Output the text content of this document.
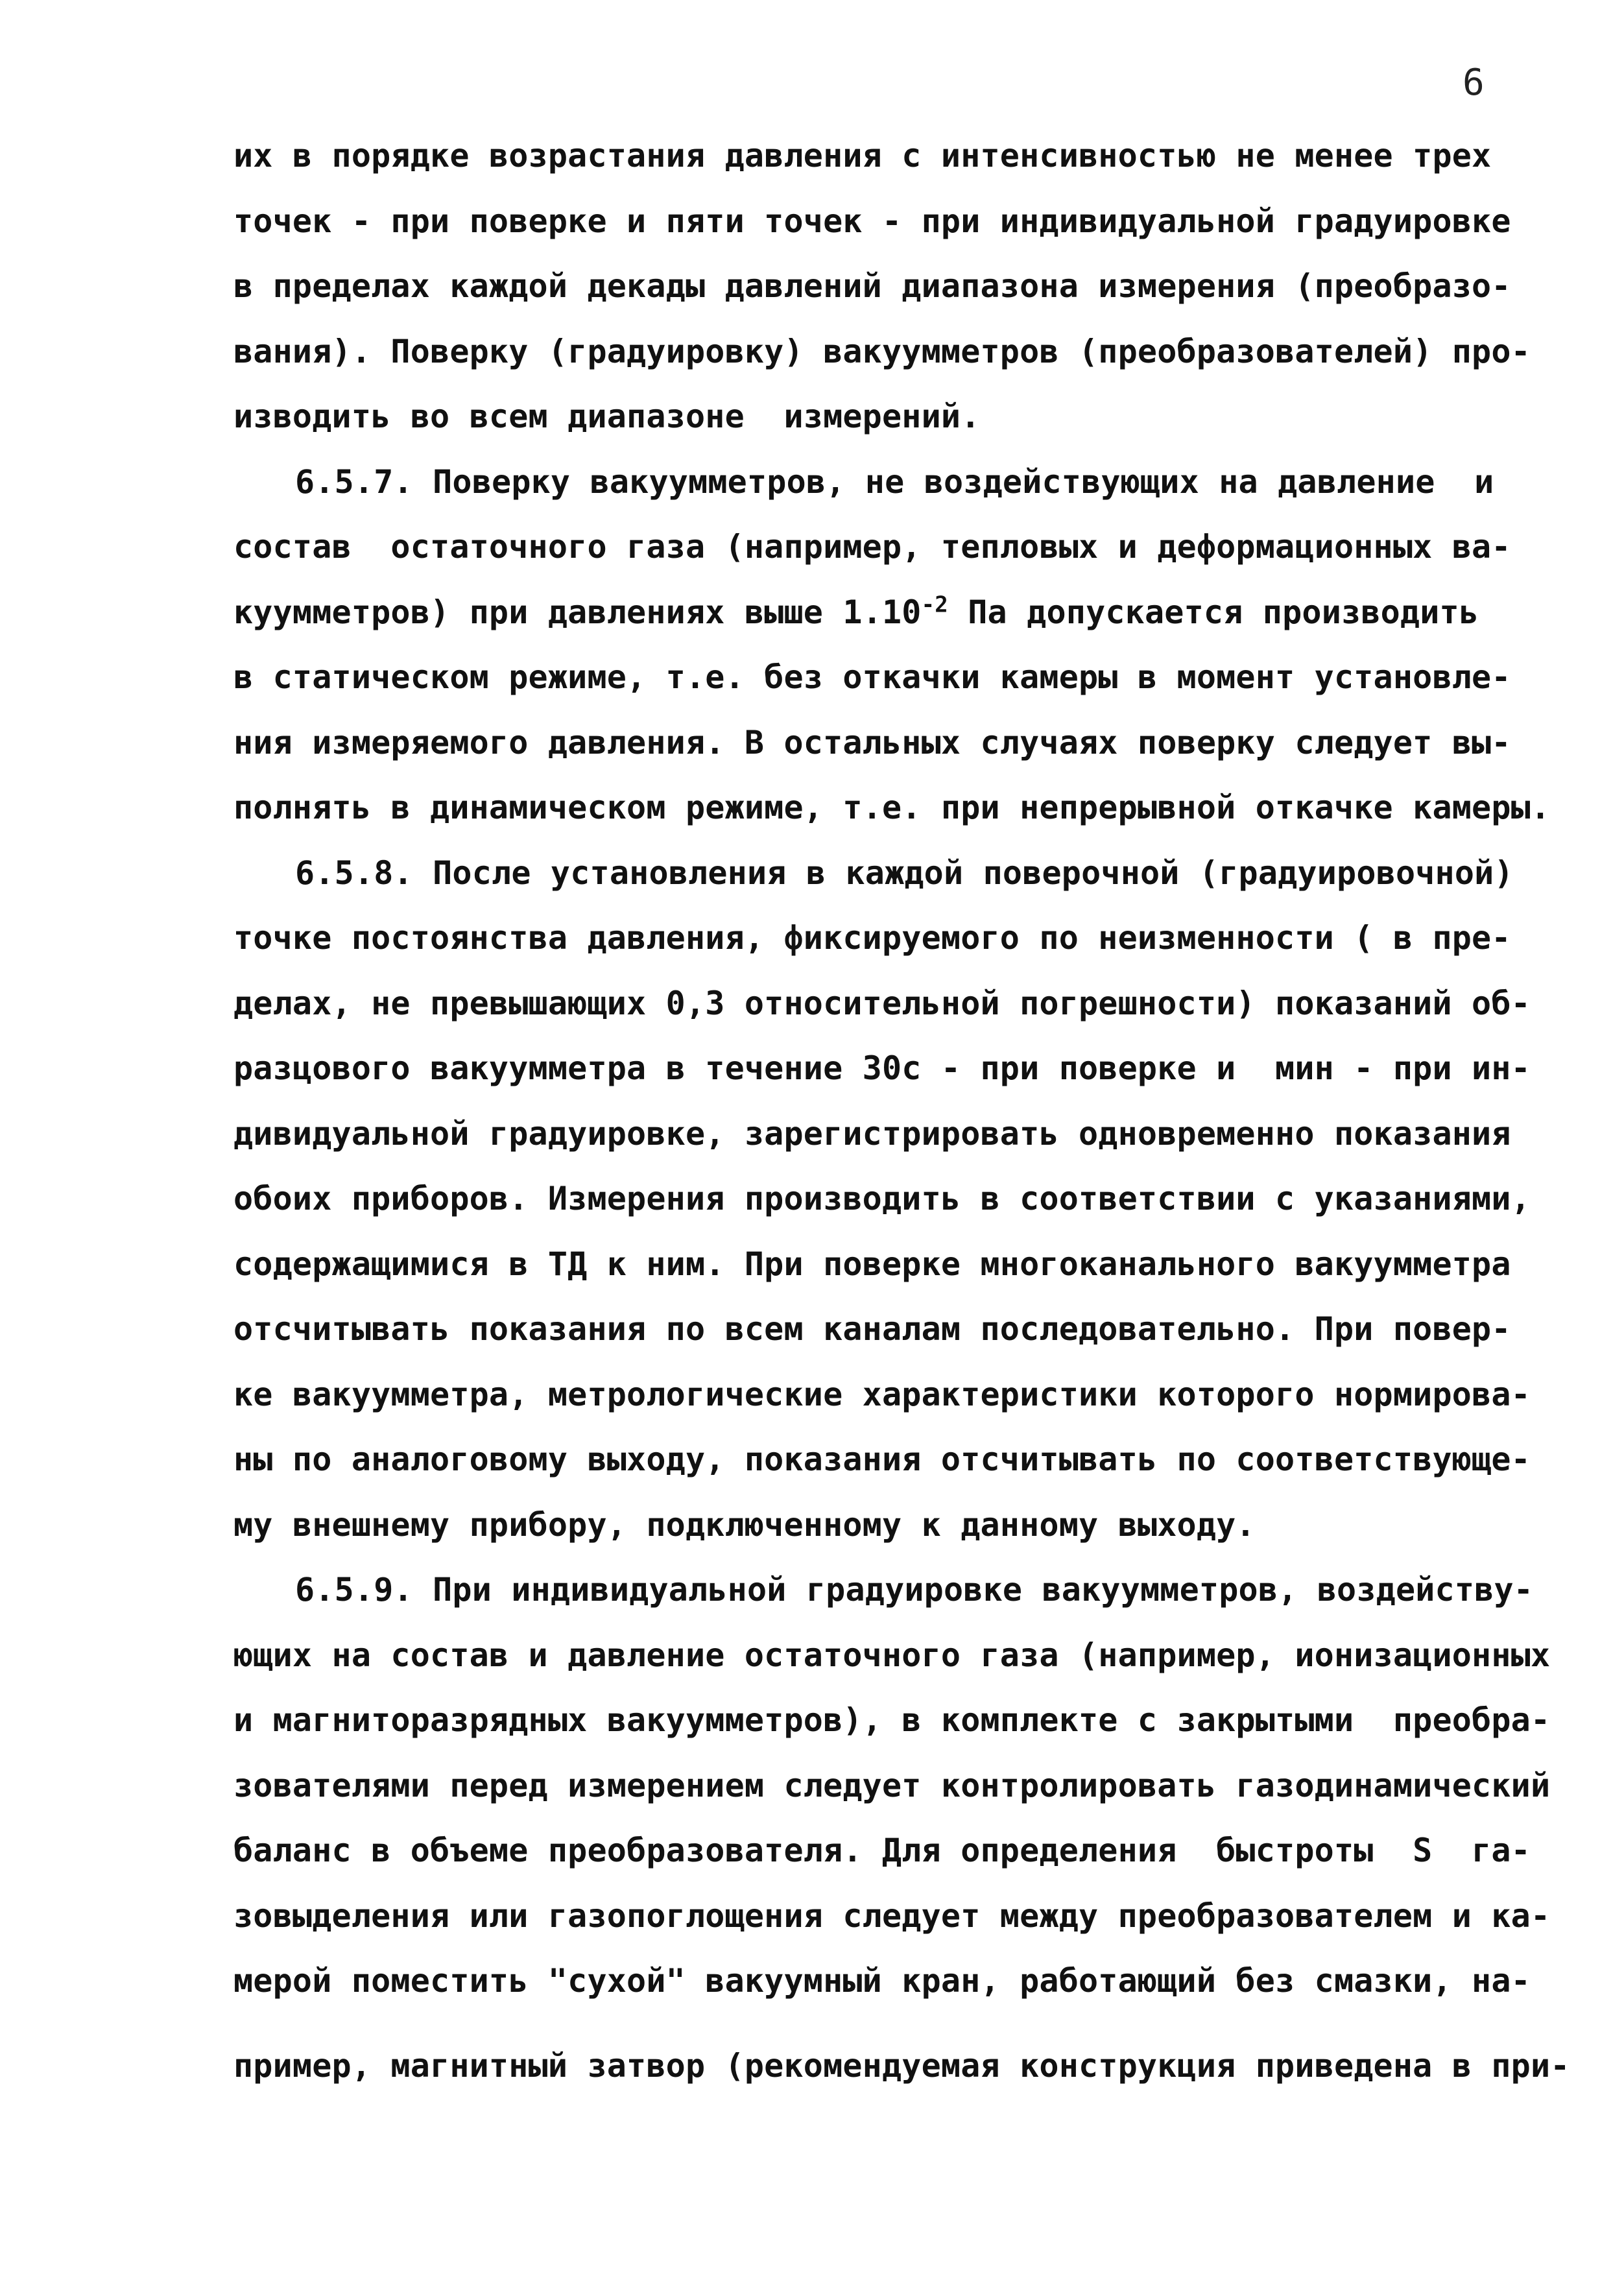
6
их в порядке возрастания давления с интенсивностью не менее трех
точек - при поверке и пяти точек - при индивидуальной градуировке
в пределах каждой декады давлений диапазона измерения (преобразо-
вания). Поверку (градуировку) вакуумметров (преобразователей) про-
изводить во всем диапазоне  измерений.
6.5.7. Поверку вакуумметров, не воздействующих на давление  и
состав  остаточного газа (например, тепловых и деформационных ва-
куумметров) при давлениях выше $1.10^{-2}$ Па допускается производить
в статическом режиме, т.е. без откачки камеры в момент установле-
ния измеряемого давления. В остальных случаях поверку следует вы-
полнять в динамическом режиме, т.е. при непрерывной откачке камеры.
6.5.8. После установления в каждой поверочной (градуировочной)
точке постоянства давления, фиксируемого по неизменности ( в пре-
делах, не превышающих 0,3 относительной погрешности) показаний об-
разцового вакуумметра в течение 30с - при поверке и  мин - при ин-
дивидуальной градуировке, зарегистрировать одновременно показания
обоих приборов. Измерения производить в соответствии с указаниями,
содержащимися в ТД к ним. При поверке многоканального вакуумметра
отсчитывать показания по всем каналам последовательно. При повер-
ке вакуумметра, метрологические характеристики которого нормирова-
ны по аналоговому выходу, показания отсчитывать по соответствующе-
му внешнему прибору, подключенному к данному выходу.
6.5.9. При индивидуальной градуировке вакуумметров, воздейству-
ющих на состав и давление остаточного газа (например, ионизационных
и магниторазрядных вакуумметров), в комплекте с закрытыми  преобра-
зователями перед измерением следует контролировать газодинамический
баланс в объеме преобразователя. Для определения  быстроты  S  га-
зовыделения или газопоглощения следует между преобразователем и ка-
мерой поместить "сухой" вакуумный кран, работающий без смазки, на-
пример, магнитный затвор (рекомендуемая конструкция приведена в при-
